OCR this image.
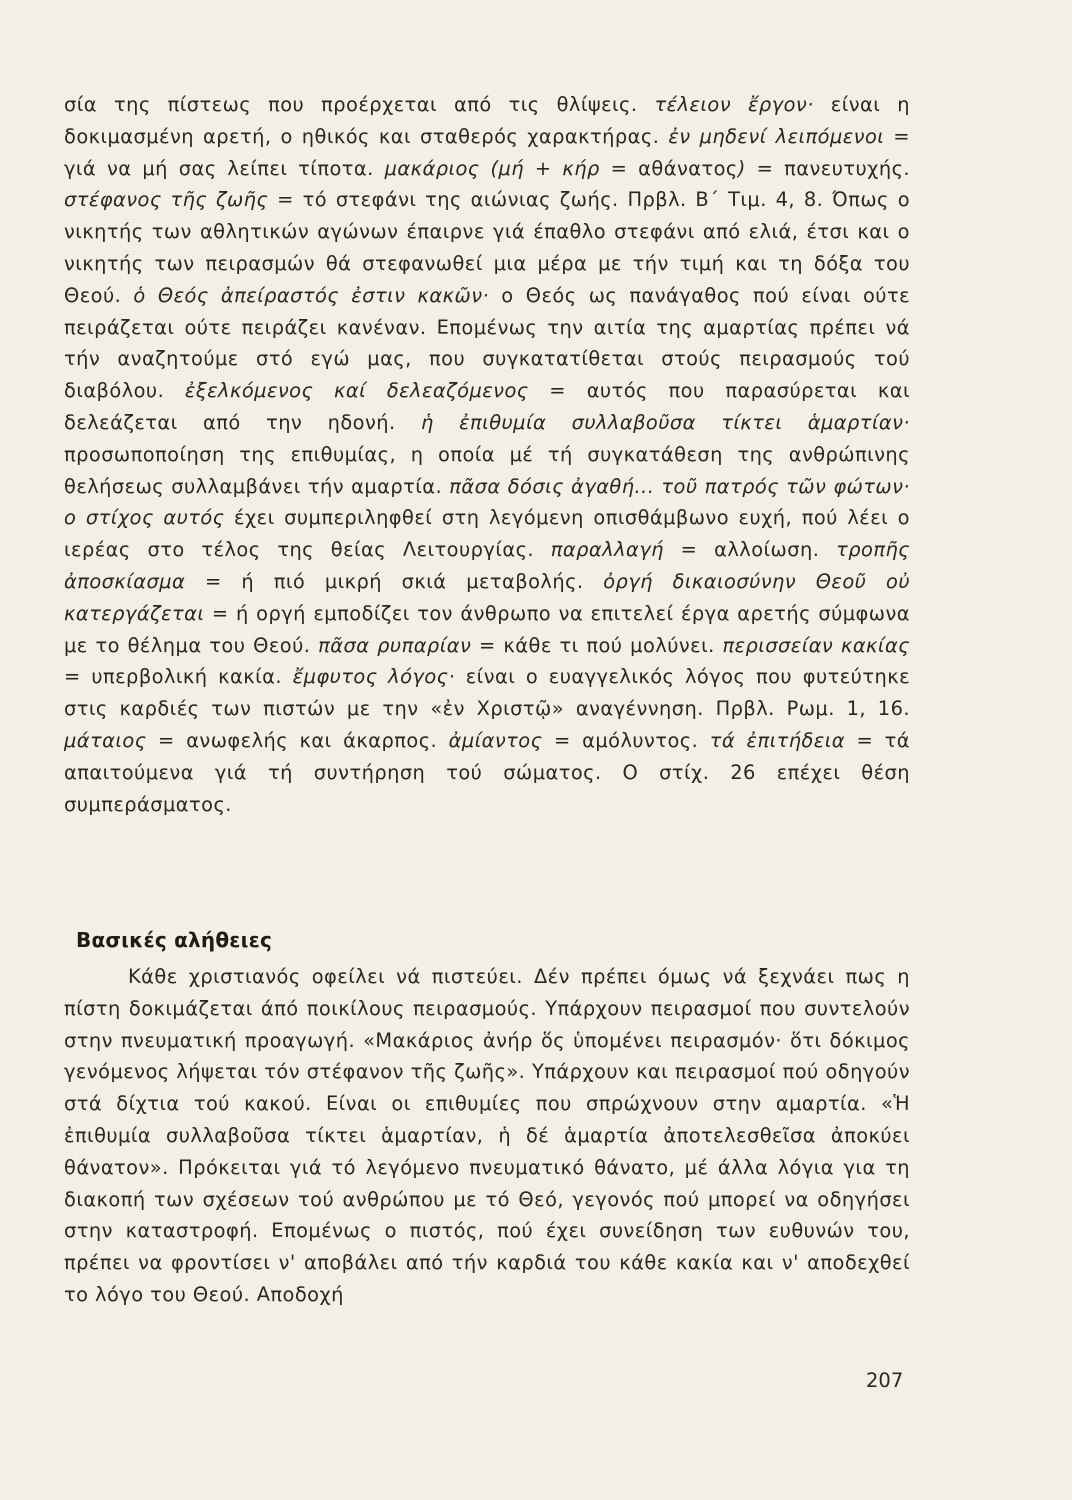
σία της πίστεως που προέρχεται από τις θλίψεις. τέλειον ἔργον· είναι η δοκιμασμένη αρετή, ο ηθικός και σταθερός χαρακτήρας. ἐν μηδενί λειπόμενοι = γιά να μή σας λείπει τίποτα. μακάριος (μή + κήρ = αθάνατος) = πανευτυχής. στέφανος τῆς ζωῆς = τό στεφάνι της αιώνιας ζωής. Πρβλ. Β΄ Τιμ. 4, 8. Όπως ο νικητής των αθλητικών αγώνων έπαιρνε γιά έπαθλο στεφάνι από ελιά, έτσι και ο νικητής των πειρασμών θά στεφανωθεί μια μέρα με τήν τιμή και τη δόξα του Θεού. ὁ Θεός ἀπείραστός ἐστιν κακῶν· ο Θεός ως πανάγαθος πού είναι ούτε πειράζεται ούτε πειράζει κανέναν. Επομένως την αιτία της αμαρτίας πρέπει νά τήν αναζητούμε στό εγώ μας, που συγκατατίθεται στούς πειρασμούς τού διαβόλου. ἐξελκόμενος καί δελεαζόμενος = αυτός που παρασύρεται και δελεάζεται από την ηδονή. ἡ ἐπιθυμία συλλαβοῦσα τίκτει ἁμαρτίαν· προσωποποίηση της επιθυμίας, η οποία μέ τή συγκατάθεση της ανθρώπινης θελήσεως συλλαμβάνει τήν αμαρτία. πᾶσα δόσις ἀγαθή... τοῦ πατρός τῶν φώτων· ο στίχος αυτός έχει συμπεριληφθεί στη λεγόμενη οπισθάμβωνο ευχή, πού λέει ο ιερέας στο τέλος της θείας Λειτουργίας. παραλλαγή = αλλοίωση. τροπῆς ἀποσκίασμα = ή πιό μικρή σκιά μεταβολής. ὀργή δικαιοσύνην Θεοῦ οὐ κατεργάζεται = ή οργή εμποδίζει τον άνθρωπο να επιτελεί έργα αρετής σύμφωνα με το θέλημα του Θεού. πᾶσα ρυπαρίαν = κάθε τι πού μολύνει. περισσείαν κακίας = υπερβολική κακία. ἔμφυτος λόγος· είναι ο ευαγγελικός λόγος που φυτεύτηκε στις καρδιές των πιστών με την «ἐν Χριστῷ» αναγέννηση. Πρβλ. Ρωμ. 1, 16. μάταιος = ανωφελής και άκαρπος. ἀμίαντος = αμόλυντος. τά ἐπιτήδεια = τά απαιτούμενα γιά τή συντήρηση τού σώματος. Ο στίχ. 26 επέχει θέση συμπεράσματος.
Βασικές αλήθειες
Κάθε χριστιανός οφείλει νά πιστεύει. Δέν πρέπει όμως νά ξεχνάει πως η πίστη δοκιμάζεται άπό ποικίλους πειρασμούς. Υπάρχουν πειρασμοί που συντελούν στην πνευματική προαγωγή. «Μακάριος ἀνήρ ὅς ὑπομένει πειρασμόν· ὅτι δόκιμος γενόμενος λήψεται τόν στέφανον τῆς ζωῆς». Υπάρχουν και πειρασμοί πού οδηγούν στά δίχτια τού κακού. Είναι οι επιθυμίες που σπρώχνουν στην αμαρτία. «Ἡ ἐπιθυμία συλλαβοῦσα τίκτει ἁμαρτίαν, ἡ δέ ἁμαρτία ἀποτελεσθεῖσα ἀποκύει θάνατον». Πρόκειται γιά τό λεγόμενο πνευματικό θάνατο, μέ άλλα λόγια για τη διακοπή των σχέσεων τού ανθρώπου με τό Θεό, γεγονός πού μπορεί να οδηγήσει στην καταστροφή. Επομένως ο πιστός, πού έχει συνείδηση των ευθυνών του, πρέπει να φροντίσει ν' αποβάλει από τήν καρδιά του κάθε κακία και ν' αποδεχθεί το λόγο του Θεού. Αποδοχή
207
